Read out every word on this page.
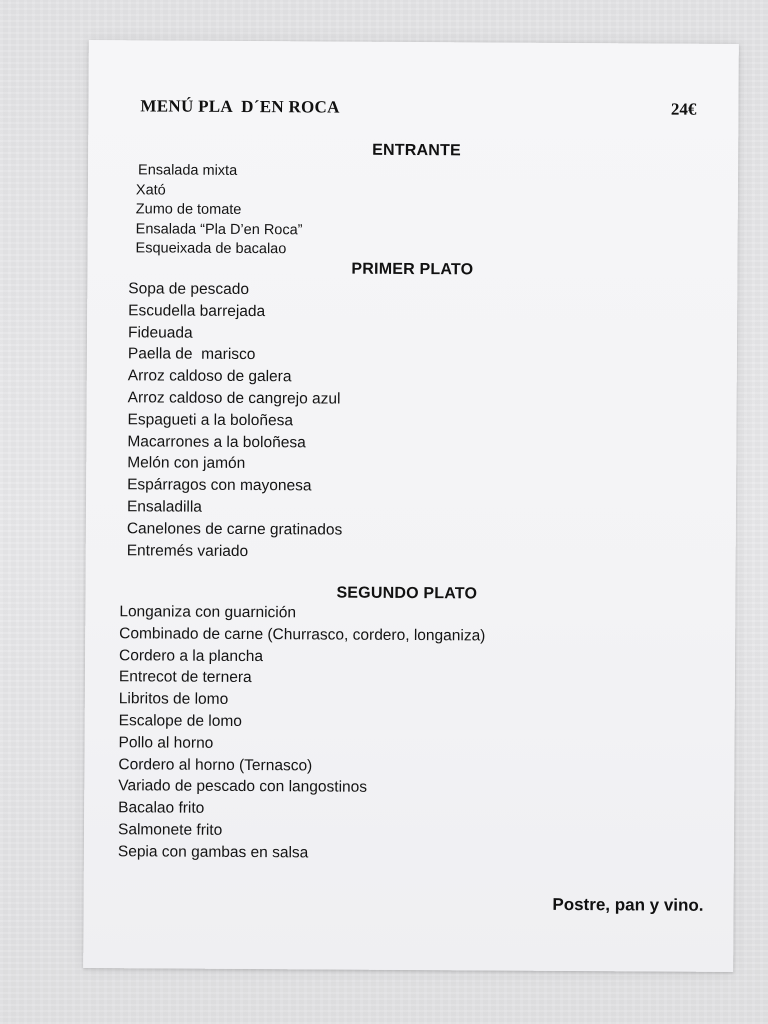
MENÚ PLA  D´EN ROCA	24€
ENTRANTE
Ensalada mixta
Xató
Zumo de tomate
Ensalada “Pla D’en Roca”
Esqueixada de bacalao
PRIMER PLATO
Sopa de pescado
Escudella barrejada
Fideuada
Paella de  marisco
Arroz caldoso de galera
Arroz caldoso de cangrejo azul
Espagueti a la boloñesa
Macarrones a la boloñesa
Melón con jamón
Espárragos con mayonesa
Ensaladilla
Canelones de carne gratinados
Entremés variado
SEGUNDO PLATO
Longaniza con guarnición
Combinado de carne (Churrasco, cordero, longaniza)
Cordero a la plancha
Entrecot de ternera
Libritos de lomo
Escalope de lomo
Pollo al horno
Cordero al horno (Ternasco)
Variado de pescado con langostinos
Bacalao frito
Salmonete frito
Sepia con gambas en salsa
Postre, pan y vino.
